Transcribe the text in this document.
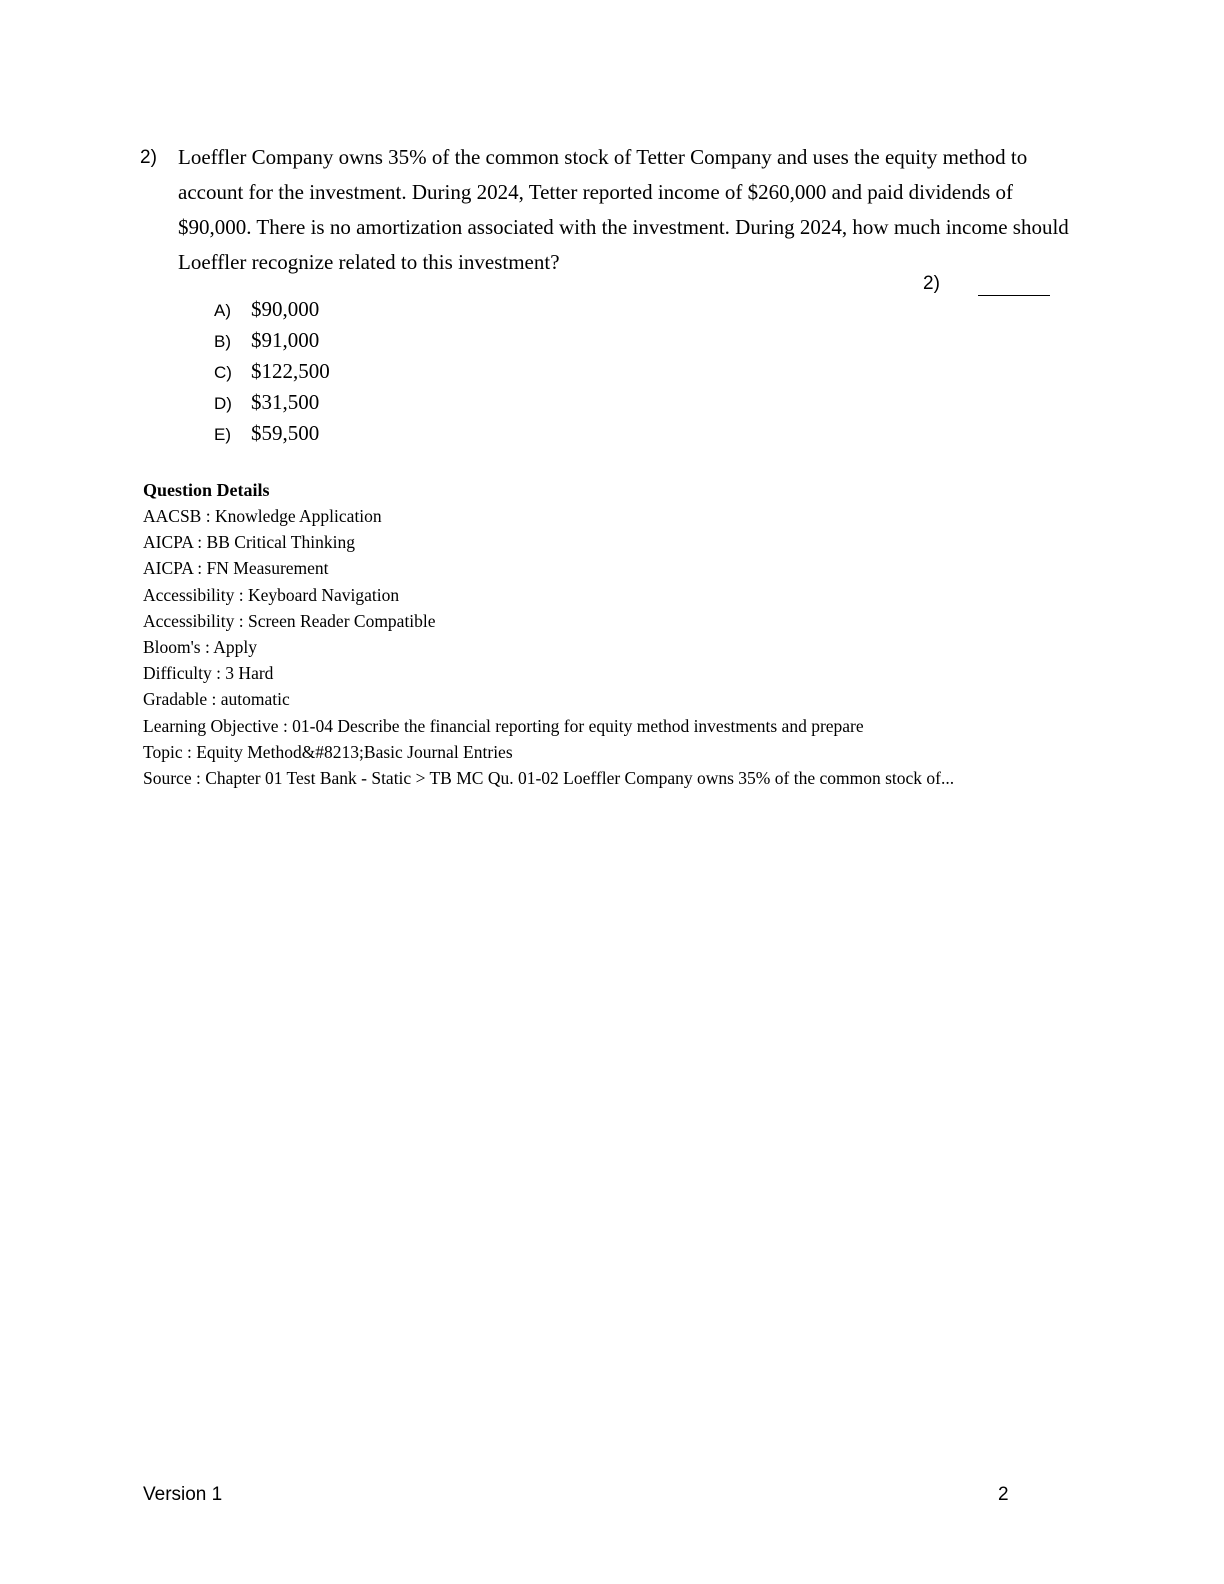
2)	Loeffler Company owns 35% of the common stock of Tetter Company and uses the equity method to account for the investment. During 2024, Tetter reported income of $260,000 and paid dividends of $90,000. There is no amortization associated with the investment. During 2024, how much income should Loeffler recognize related to this investment?
2)
A) $90,000
B) $91,000
C) $122,500
D) $31,500
E) $59,500
Question Details
AACSB : Knowledge Application
AICPA : BB Critical Thinking
AICPA : FN Measurement
Accessibility : Keyboard Navigation
Accessibility : Screen Reader Compatible
Bloom's : Apply
Difficulty : 3 Hard
Gradable : automatic
Learning Objective : 01-04 Describe the financial reporting for equity method investments and prepare
Topic : Equity Method&#8213;Basic Journal Entries
Source : Chapter 01 Test Bank - Static > TB MC Qu. 01-02 Loeffler Company owns 35% of the common stock of...
Version 1	2
